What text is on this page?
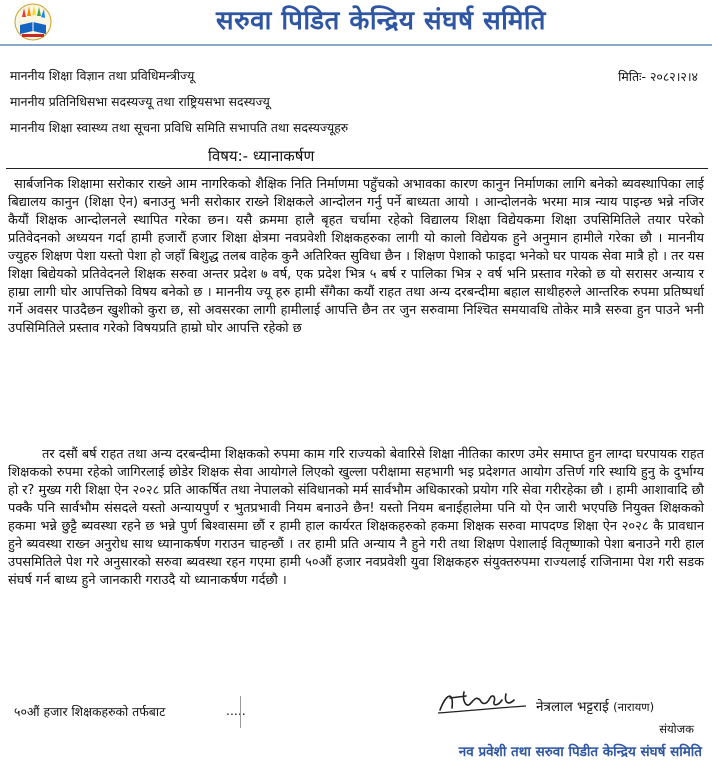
सरुवा पिडित केन्द्रिय संघर्ष समिति
माननीय शिक्षा विज्ञान तथा प्रविधिमन्त्रीज्यू
माननीय प्रतिनिधिसभा सदस्यज्यू तथा राष्ट्रियसभा सदस्यज्यू
माननीय शिक्षा स्वास्थ्य तथा सूचना प्रविधि समिति सभापति तथा सदस्यज्यूहरु
मितिः- २०८२।२।४
विषय:- ध्यानाकर्षण
सार्बजनिक शिक्षामा सरोकार राख्ने आम नागरिकको शैक्षिक निति निर्माणमा पहुँचको अभावका कारण कानुन निर्माणका लागि बनेको ब्यवस्थापिका लाई बिद्यालय कानुन (शिक्षा ऐन) बनाउनु भनी सरोकार राख्ने शिक्षकले आन्दोलन गर्नु पर्ने बाध्यता आयो । आन्दोलनके भरमा मात्र न्याय पाइन्छ भन्ने नजिर कैयौं शिक्षक आन्दोलनले स्थापित गरेका छन। यसै क्रममा हालै बृहत चर्चामा रहेको विद्यालय शिक्षा विद्येयकमा शिक्षा उपसिमितिले तयार परेको प्रतिवेदनको अध्ययन गर्दा हामी हजारौं हजार शिक्षा क्षेत्रमा नवप्रवेशी शिक्षकहरुका लागी यो कालो विद्येयक हुने अनुमान हामीले गरेका छौ । माननीय ज्युहरु शिक्षण पेशा यस्तो पेशा हो जहाँ बिशुद्ध तलब वाहेक कुनै अतिरिक्त सुविधा छैन । शिक्षण पेशाको फाइदा भनेको घर पायक सेवा मात्रै हो । तर यस शिक्षा बिद्येयको प्रतिवेदनले शिक्षक सरुवा अन्तर प्रदेश ७ वर्ष, एक प्रदेश भित्र ५ बर्ष र पालिका भित्र २ वर्ष भनि प्रस्ताव गरेको छ यो सरासर अन्याय र हाम्रा लागी घोर आपत्तिको विषय बनेको छ । माननीय ज्यू हरु हामी सँगैका कयौं राहत तथा अन्य दरबन्दीमा बहाल साथीहरुले आन्तरिक रुपमा प्रतिष्पर्धा गर्ने अवसर पाउदैछन खुशीको कुरा छ, सो अवसरका लागी हामीलाई आपत्ति छैन तर जुन सरुवामा निश्चित समयावधि तोकेर मात्रै सरुवा हुन पाउने भनी उपसिमितिले प्रस्ताव गरेको विषयप्रति हाम्रो घोर आपत्ति रहेको छ
तर दसौं बर्ष राहत तथा अन्य दरबन्दीमा शिक्षकको रुपमा काम गरि राज्यको बेवारिसे शिक्षा नीतिका कारण उमेर समाप्त हुन लाग्दा घरपायक राहत शिक्षकको रुपमा रहेको जागिरलाई छोडेर शिक्षक सेवा आयोगले लिएको खुल्ला परीक्षामा सहभागी भइ प्रदेशगत आयोग उत्तिर्ण गरि स्थायि हुनु के दुर्भाग्य हो र? मुख्य गरी शिक्षा ऐन २०२८ प्रति आकर्षित तथा नेपालको संविधानको मर्म सार्वभौम अधिकारको प्रयोग गरि सेवा गरीरहेका छौ । हामी आशावादि छौ पक्कै पनि सार्वभौम संसदले यस्तो अन्यायपुर्ण र भुतप्रभावी नियम बनाउने छैन! यस्तो नियम बनाईहालेमा पनि यो ऐन जारी भएपछि नियुक्त शिक्षकको हकमा भन्ने छुट्टै ब्यवस्था रहने छ भन्ने पुर्ण बिश्वासमा छौं र हामी हाल कार्यरत शिक्षकहरुको हकमा शिक्षक सरुवा मापदण्ड शिक्षा ऐन २०२८ कै प्रावधान हुने ब्यवस्था राख्न अनुरोध साथ ध्यानाकर्षण गराउन चाहन्छौं । तर हामी प्रति अन्याय नै हुने गरी तथा शिक्षण पेशालाई वितृष्णाको पेशा बनाउने गरी हाल उपसमितिले पेश गरे अनुसारको सरुवा ब्यवस्था रहन गएमा हामी ५०औं हजार नवप्रवेशी युवा शिक्षकहरु संयुक्तरुपमा राज्यलाई राजिनामा पेश गरी सडक संघर्ष गर्न बाध्य हुने जानकारी गराउदै यो ध्यानाकर्षण गर्दछौ ।
५०औं हजार शिक्षकहरुको तर्फबाट	.....	नेत्रलाल भट्टराई (नारायण)
संयोजक
नव प्रवेशी तथा सरुवा पिडीत केन्द्रिय संघर्ष समिति
